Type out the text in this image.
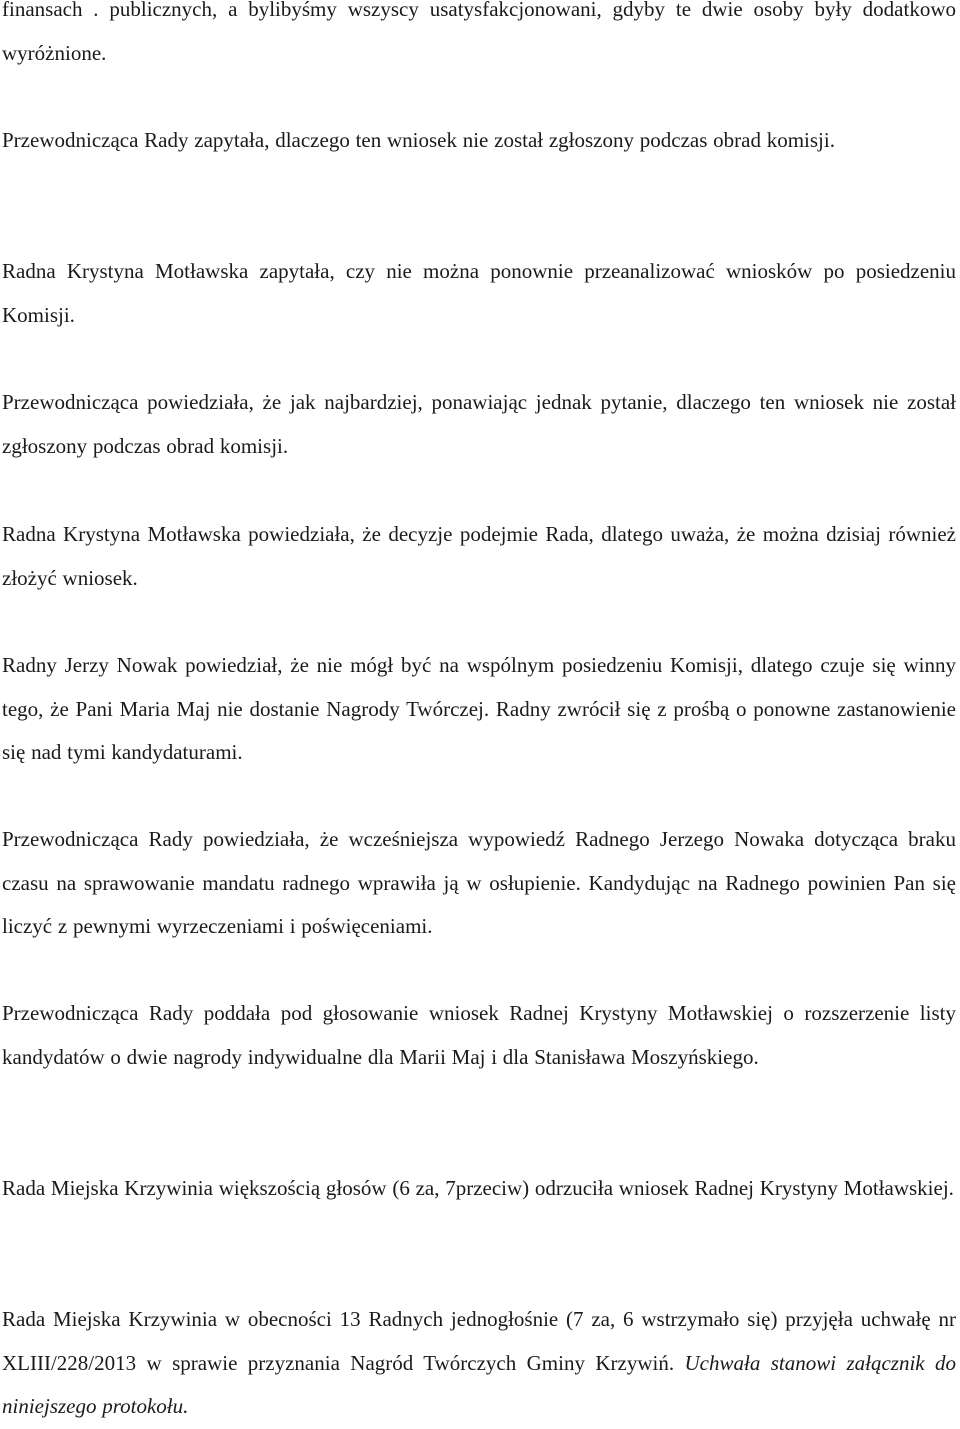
finansach . publicznych, a bylibyśmy wszyscy usatysfakcjonowani, gdyby te dwie osoby były dodatkowo wyróżnione.

Przewodnicząca Rady zapytała, dlaczego ten wniosek nie został zgłoszony podczas obrad komisji.

Radna Krystyna Motławska zapytała, czy nie można ponownie przeanalizować wniosków po posiedzeniu Komisji.

Przewodnicząca powiedziała, że jak najbardziej, ponawiając jednak pytanie, dlaczego ten wniosek nie został zgłoszony podczas obrad komisji.

Radna Krystyna Motławska powiedziała, że decyzje podejmie Rada, dlatego uważa, że można dzisiaj również złożyć wniosek.

Radny Jerzy Nowak powiedział, że nie mógł być na wspólnym posiedzeniu Komisji, dlatego czuje się winny tego, że Pani Maria Maj nie dostanie Nagrody Twórczej. Radny zwrócił się z prośbą o ponowne zastanowienie się nad tymi kandydaturami.

Przewodnicząca Rady powiedziała, że wcześniejsza wypowiedź Radnego Jerzego Nowaka dotycząca braku czasu na sprawowanie mandatu radnego wprawiła ją w osłupienie. Kandydując na Radnego powinien Pan się liczyć z pewnymi wyrzeczeniami i poświęceniami.

Przewodnicząca Rady poddała pod głosowanie wniosek Radnej Krystyny Motławskiej o rozszerzenie listy kandydatów o dwie nagrody indywidualne dla Marii Maj i dla Stanisława Moszyńskiego.

Rada Miejska Krzywinia większością głosów (6 za, 7przeciw) odrzuciła wniosek Radnej Krystyny Motławskiej.

Rada Miejska Krzywinia w obecności 13 Radnych jednogłośnie (7 za, 6 wstrzymało się) przyjęła uchwałę nr XLIII/228/2013 w sprawie przyznania Nagród Twórczych Gminy Krzywiń. Uchwała stanowi załącznik do niniejszego protokołu.
